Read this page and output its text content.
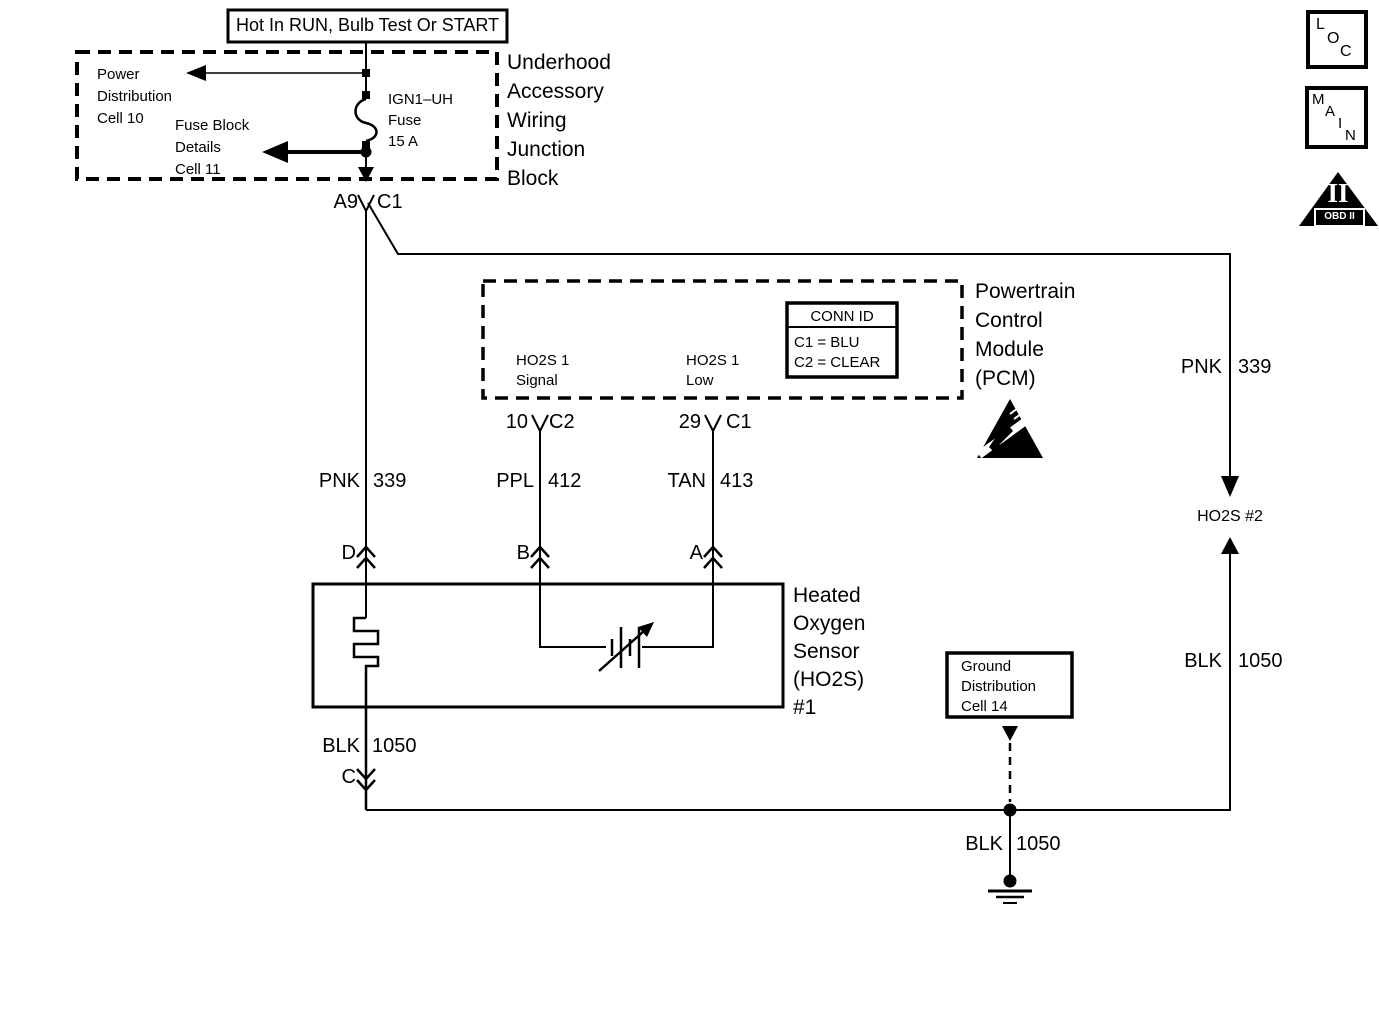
Hot In RUN, Bulb Test Or START
Underhood
Accessory
Wiring
Junction
Block
Power
Distribution
Cell 10	Fuse Block
Details
Cell 11
IGN1–UH
Fuse
15 A
A9 C1
Powertrain
Control
Module
(PCM)
HO2S 1
Signal
HO2S 1
Low
CONN ID
C1 = BLU
C2 = CLEAR
10 C2	29 C1
PNK 339	PPL 412	TAN 413
D	B	A
Heated
Oxygen
Sensor
(HO2S)
#1
BLK 1050
C
PNK 339
HO2S #2
BLK 1050
Ground
Distribution
Cell 14
BLK 1050
L
O
C
M
A
I
N
II
OBD II
